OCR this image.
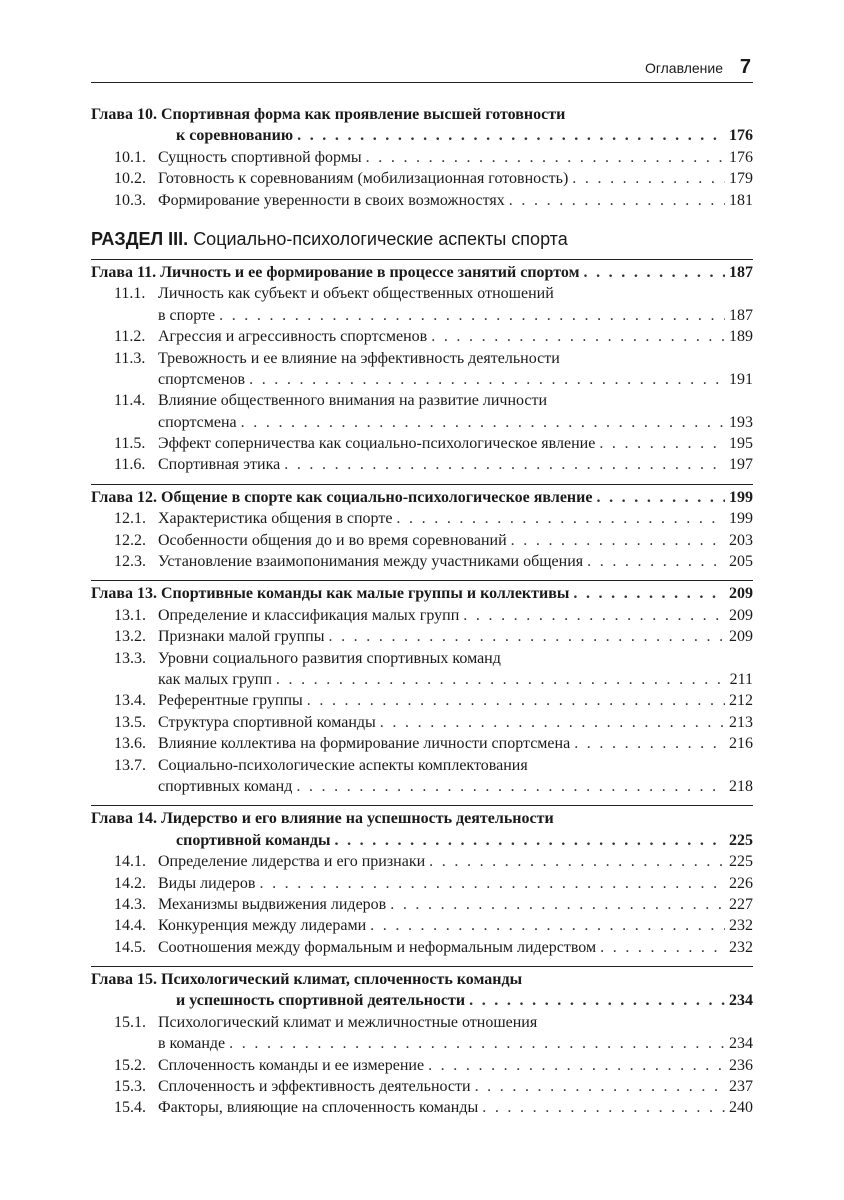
Оглавление 7
Глава 10. Спортивная форма как проявление высшей готовности
к соревнованию . . .	176
10.1. Сущность спортивной формы . . .	176
10.2. Готовность к соревнованиям (мобилизационная готовность) . . .	179
10.3. Формирование уверенности в своих возможностях . . .	181
РАЗДЕЛ III. Социально-психологические аспекты спорта
Глава 11. Личность и ее формирование в процессе занятий спортом . . .	187
11.1. Личность как субъект и объект общественных отношений
в спорте . . .	187
11.2. Агрессия и агрессивность спортсменов . . .	189
11.3. Тревожность и ее влияние на эффективность деятельности
спортсменов . . .	191
11.4. Влияние общественного внимания на развитие личности
спортсмена . . .	193
11.5. Эффект соперничества как социально-психологическое явление . . .	195
11.6. Спортивная этика . . .	197
Глава 12. Общение в спорте как социально-психологическое явление . . .	199
12.1. Характеристика общения в спорте . . .	199
12.2. Особенности общения до и во время соревнований . . .	203
12.3. Установление взаимопонимания между участниками общения . . .	205
Глава 13. Спортивные команды как малые группы и коллективы . . .	209
13.1. Определение и классификация малых групп . . .	209
13.2. Признаки малой группы . . .	209
13.3. Уровни социального развития спортивных команд
как малых групп . . .	211
13.4. Референтные группы . . .	212
13.5. Структура спортивной команды . . .	213
13.6. Влияние коллектива на формирование личности спортсмена . . .	216
13.7. Социально-психологические аспекты комплектования
спортивных команд . . .	218
Глава 14. Лидерство и его влияние на успешность деятельности
спортивной команды . . .	225
14.1. Определение лидерства и его признаки . . .	225
14.2. Виды лидеров . . .	226
14.3. Механизмы выдвижения лидеров . . .	227
14.4. Конкуренция между лидерами . . .	232
14.5. Соотношения между формальным и неформальным лидерством . . .	232
Глава 15. Психологический климат, сплоченность команды
и успешность спортивной деятельности . . .	234
15.1. Психологический климат и межличностные отношения
в команде . . .	234
15.2. Сплоченность команды и ее измерение . . .	236
15.3. Сплоченность и эффективность деятельности . . .	237
15.4. Факторы, влияющие на сплоченность команды . . .	240
